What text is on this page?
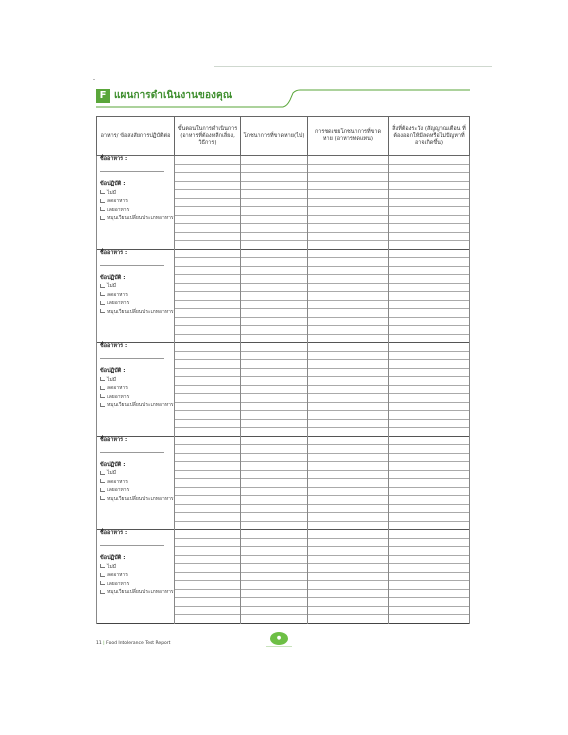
F แผนการดำเนินงานของคุณ
อาหาร/ ข้อสงสัยการปฏิบัติต่อ	ขั้นตอนในการดำเนินการ (อาหารที่ต้องหลีกเลี่ยง, วิธีการ)	โภชนาการที่ขาดหาย(ไป)	การชดเชยโภชนาการที่ขาดหาย (อาหารทดแทน)	สิ่งที่ต้องระวัง (สัญญาณเตือน ที่ต้องออกให้มีลดหรือไม่ปัญหาที่อาจเกิดขึ้น)
ชื่ออาหาร :				

ข้อปฏิบัติ :				
ไม่มี				
ลดอาหาร				
เลยอาหาร				
หมุนเวียนเปลี่ยนประเภทอาหาร				

ชื่ออาหาร :				

ข้อปฏิบัติ :				
ไม่มี				
ลดอาหาร				
เลยอาหาร				
หมุนเวียนเปลี่ยนประเภทอาหาร				

ชื่ออาหาร :				

ข้อปฏิบัติ :				
ไม่มี				
ลดอาหาร				
เลยอาหาร				
หมุนเวียนเปลี่ยนประเภทอาหาร				

ชื่ออาหาร :				

ข้อปฏิบัติ :				
ไม่มี				
ลดอาหาร				
เลยอาหาร				
หมุนเวียนเปลี่ยนประเภทอาหาร				

ชื่ออาหาร :				

ข้อปฏิบัติ :				
ไม่มี				
ลดอาหาร				
เลยอาหาร				
หมุนเวียนเปลี่ยนประเภทอาหาร				

●
11 | Food Intolerance Test Report
